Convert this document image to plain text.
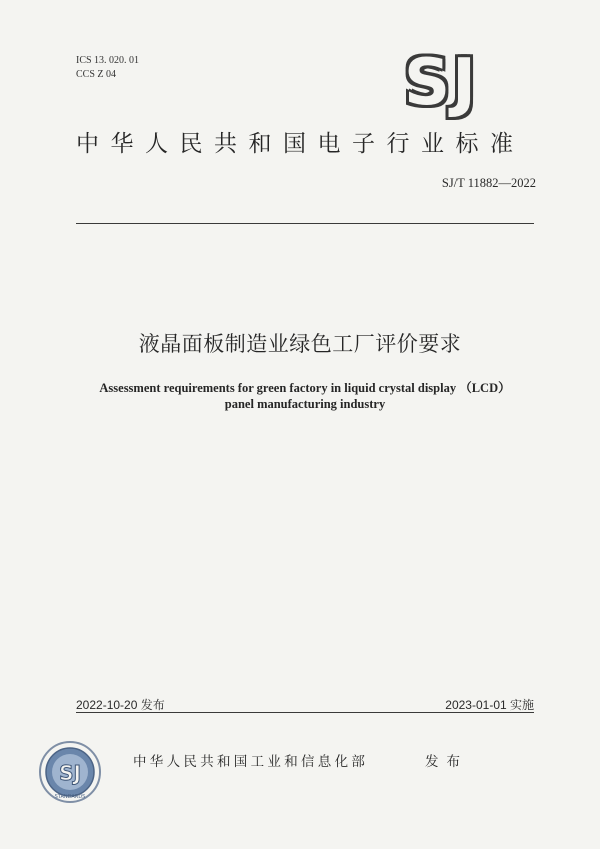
ICS 13. 020. 01
CCS Z 04	SJ
中华人民共和国电子行业标准
SJ/T 11882—2022
液晶面板制造业绿色工厂评价要求
Assessment requirements for green factory in liquid crystal display （LCD）
panel manufacturing industry
2022-10-20 发布	2023-01-01 实施
SJ
STANDARDS
中华人民共和国工业和信息化部	发布
